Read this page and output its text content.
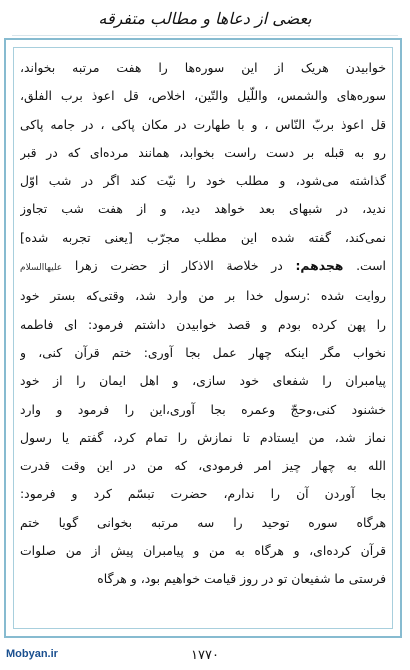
بعضی از دعاها و مطالب متفرقه
خوابیدن هریک از این سوره‌ها را هفت مرتبه بخواند،
سوره‌های والشمس، واللّیل والتّین، اخلاص، قل اعوذ برب الفلق،
قل اعوذ بربّ النّاس ، و با طهارت در مکان پاکی ، در جامه پاکی
رو به قبله بر دست راست بخوابد، همانند مرده‌ای که در قبر
گذاشته می‌شود، و مطلب خود را نیّت کند اگر در شب اوّل
ندید، در شبهای بعد خواهد دید، و از هفت شب تجاوز
نمی‌کند، گفته شده این مطلب مجرّب [یعنی تجربه شده]
است. هجدهم: در خلاصة الاذکار از حضرت زهرا علیهاالسلام
روایت شده :رسول خدا بر من وارد شد، وقتی‌که بستر خود
را پهن کرده بودم و قصد خوابیدن داشتم فرمود: ای فاطمه
نخواب مگر اینکه چهار عمل بجا آوری: ختم قرآن کنی، و
پیامبران را شفعای خود سازی، و اهل ایمان را از خود
خشنود کنی،وحجّ وعمره بجا آوری،این را فرمود و وارد
نماز شد، من ایستادم تا نمازش را تمام کرد، گفتم یا رسول
الله به چهار چیز امر فرمودی، که من در این وقت قدرت
بجا آوردن آن را ندارم، حضرت تبسّم کرد و فرمود:
هرگاه سوره توحید را سه مرتبه بخوانی گویا ختم
قرآن کرده‌ای، و هرگاه به من و پیامبران پیش از من صلوات
فرستی ما شفیعان تو در روز قیامت خواهیم بود، و هرگاه
Mobyan.ir	۱۷۷۰
